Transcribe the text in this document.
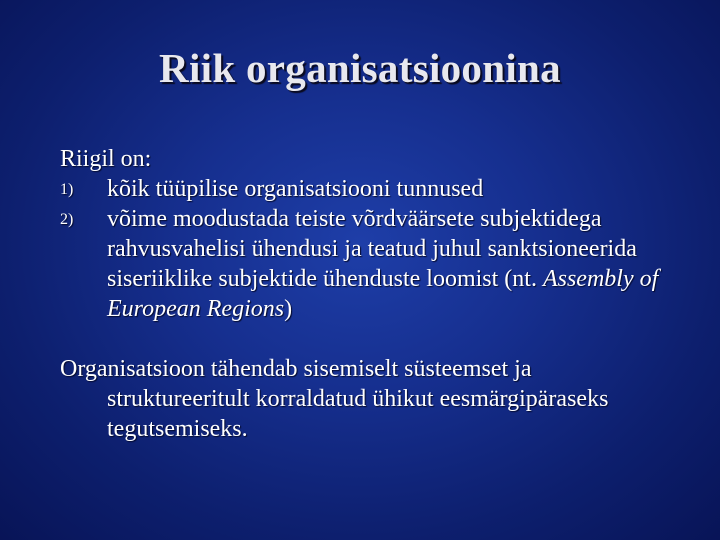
Riik organisatsioonina

Riigil on:

1) kõik tüüpilise organisatsiooni tunnused
2) võime moodustada teiste võrdväärsete subjektidega rahvusvahelisi ühendusi ja teatud juhul sanktsioneerida siseriiklike subjektide ühenduste loomist (nt. Assembly of European Regions)

Organisatsioon tähendab sisemiselt süsteemset ja struktureeritult korraldatud ühikut eesmärgipäraseks tegutsemiseks.
